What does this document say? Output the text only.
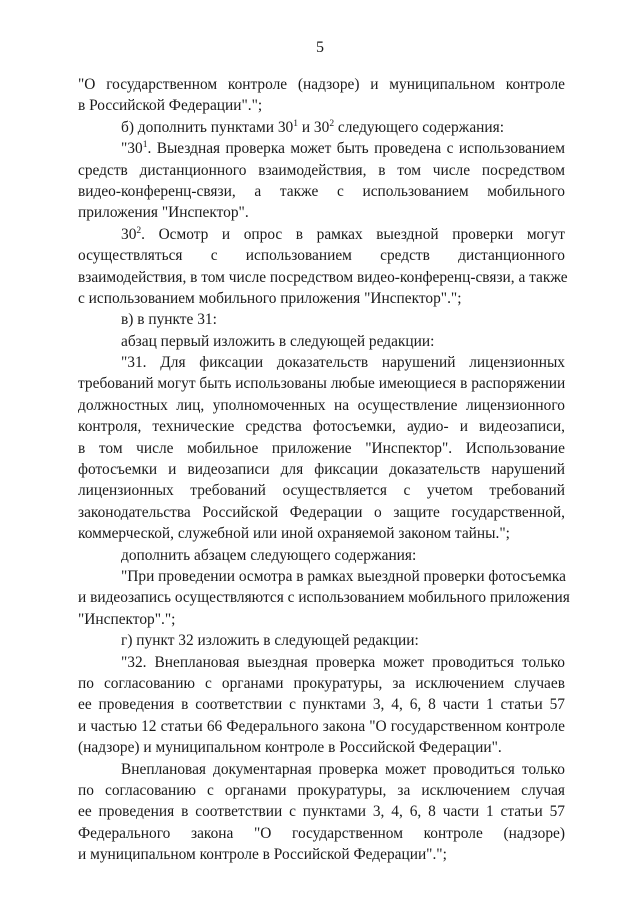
5
"О государственном контроле (надзоре) и муниципальном контроле
в Российской Федерации".";
б) дополнить пунктами $30^1$ и $30^2$ следующего содержания:
"$30^1$. Выездная проверка может быть проведена с использованием
средств дистанционного взаимодействия, в том числе посредством
видео-конференц-связи, а также с использованием мобильного
приложения "Инспектор".
$30^2$. Осмотр и опрос в рамках выездной проверки могут
осуществляться с использованием средств дистанционного
взаимодействия, в том числе посредством видео-конференц-связи, а также
с использованием мобильного приложения "Инспектор".";
в) в пункте 31:
абзац первый изложить в следующей редакции:
"31. Для фиксации доказательств нарушений лицензионных
требований могут быть использованы любые имеющиеся в распоряжении
должностных лиц, уполномоченных на осуществление лицензионного
контроля, технические средства фотосъемки, аудио- и видеозаписи,
в том числе мобильное приложение "Инспектор". Использование
фотосъемки и видеозаписи для фиксации доказательств нарушений
лицензионных требований осуществляется с учетом требований
законодательства Российской Федерации о защите государственной,
коммерческой, служебной или иной охраняемой законом тайны.";
дополнить абзацем следующего содержания:
"При проведении осмотра в рамках выездной проверки фотосъемка
и видеозапись осуществляются с использованием мобильного приложения
"Инспектор".";
г) пункт 32 изложить в следующей редакции:
"32. Внеплановая выездная проверка может проводиться только
по согласованию с органами прокуратуры, за исключением случаев
ее проведения в соответствии с пунктами 3, 4, 6, 8 части 1 статьи 57
и частью 12 статьи 66 Федерального закона "О государственном контроле
(надзоре) и муниципальном контроле в Российской Федерации".
Внеплановая документарная проверка может проводиться только
по согласованию с органами прокуратуры, за исключением случая
ее проведения в соответствии с пунктами 3, 4, 6, 8 части 1 статьи 57
Федерального закона "О государственном контроле (надзоре)
и муниципальном контроле в Российской Федерации".";
